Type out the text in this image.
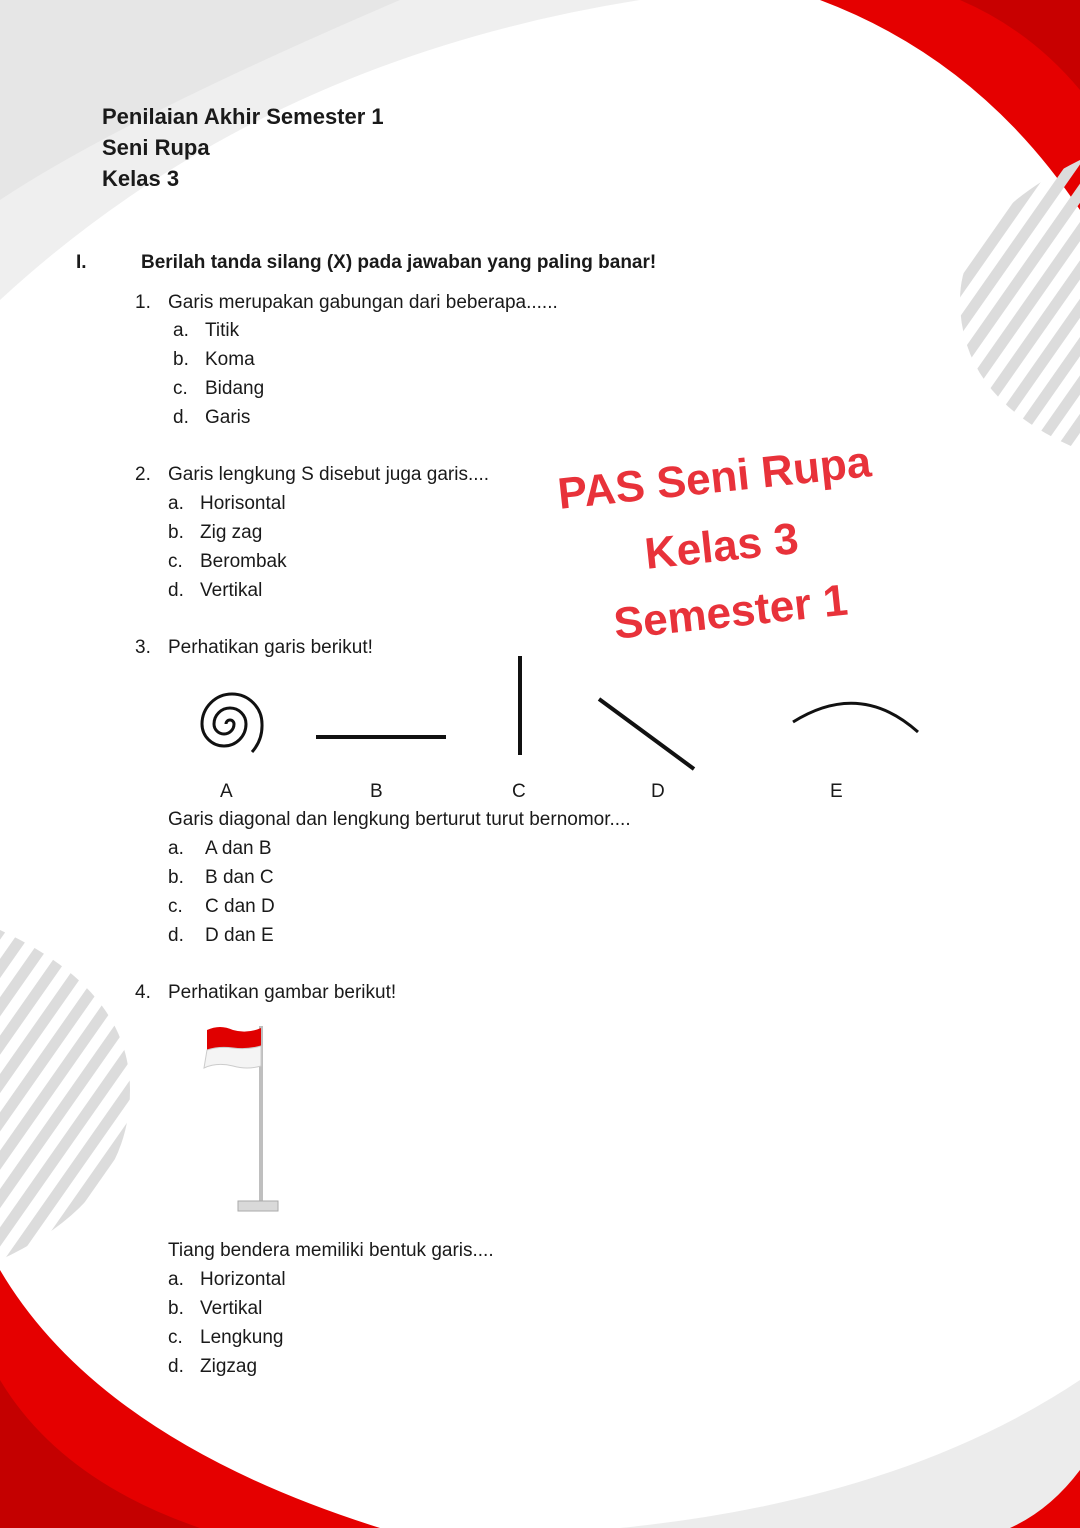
Penilaian Akhir Semester 1
Seni Rupa
Kelas 3
I.	Berilah tanda silang (X) pada jawaban yang paling banar!
1. Garis merupakan gabungan dari beberapa......
a. Titik
b. Koma
c. Bidang
d. Garis
2. Garis lengkung S disebut juga garis....
a. Horisontal
b. Zig zag
c. Berombak
d. Vertikal
PAS Seni Rupa
Kelas 3
Semester 1
3. Perhatikan garis berikut!
A	B	C	D	E
Garis diagonal dan lengkung berturut turut bernomor....
a. A dan B
b. B dan C
c. C dan D
d. D dan E
4. Perhatikan gambar berikut!
Tiang bendera memiliki bentuk garis....
a. Horizontal
b. Vertikal
c. Lengkung
d. Zigzag
